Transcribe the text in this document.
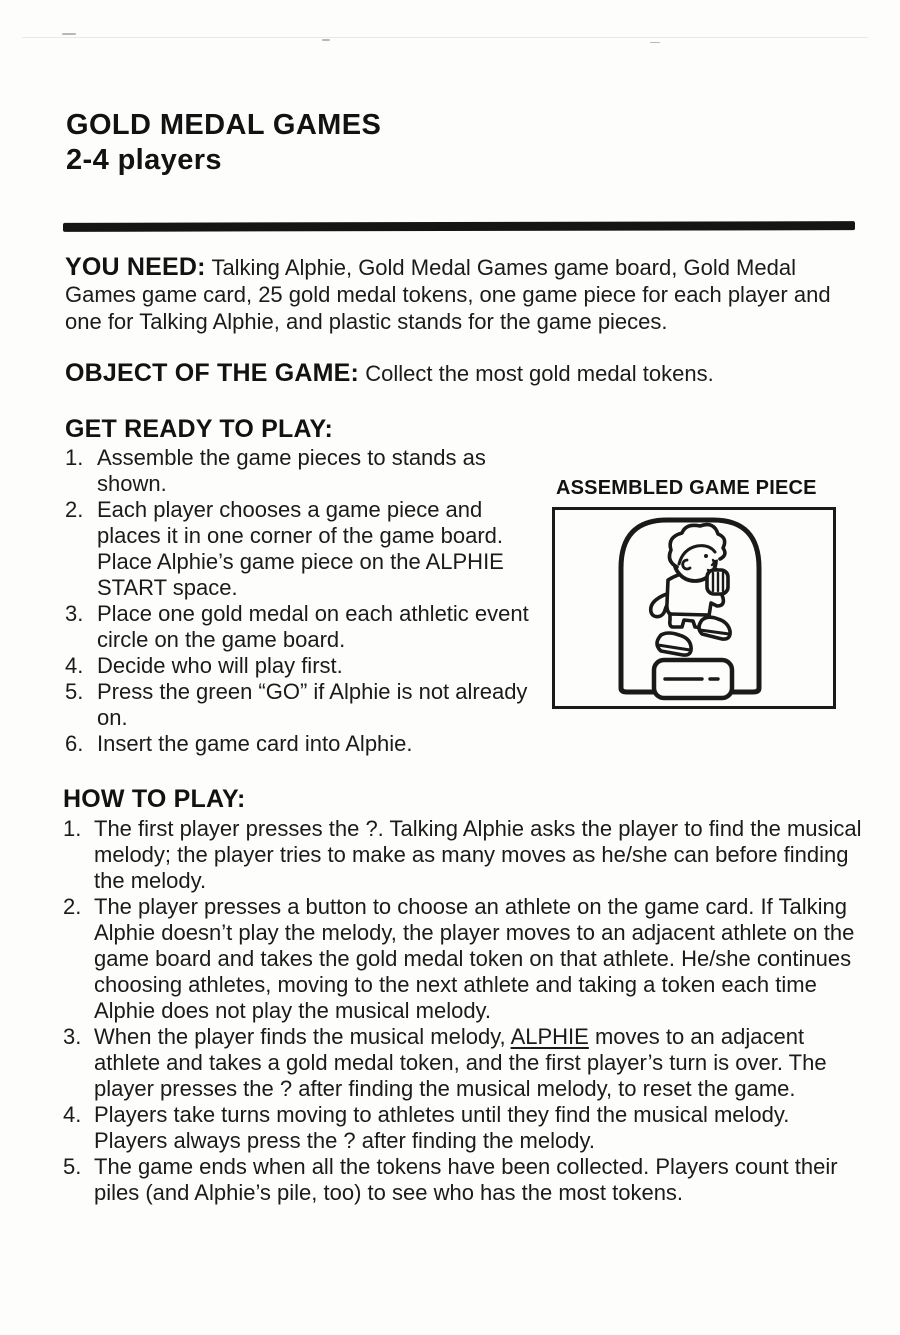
GOLD MEDAL GAMES
2-4 players
YOU NEED: Talking Alphie, Gold Medal Games game board, Gold Medal Games game card, 25 gold medal tokens, one game piece for each player and one for Talking Alphie, and plastic stands for the game pieces.
OBJECT OF THE GAME: Collect the most gold medal tokens.
GET READY TO PLAY:
1. Assemble the game pieces to stands as shown.
2. Each player chooses a game piece and places it in one corner of the game board. Place Alphie’s game piece on the ALPHIE START space.
3. Place one gold medal on each athletic event circle on the game board.
4. Decide who will play first.
5. Press the green “GO” if Alphie is not already on.
6. Insert the game card into Alphie.
ASSEMBLED GAME PIECE
HOW TO PLAY:
1. The first player presses the ?. Talking Alphie asks the player to find the musical melody; the player tries to make as many moves as he/she can before finding the melody.
2. The player presses a button to choose an athlete on the game card. If Talking Alphie doesn’t play the melody, the player moves to an adjacent athlete on the game board and takes the gold medal token on that athlete. He/she continues choosing athletes, moving to the next athlete and taking a token each time Alphie does not play the musical melody.
3. When the player finds the musical melody, ALPHIE moves to an adjacent athlete and takes a gold medal token, and the first player’s turn is over. The player presses the ? after finding the musical melody, to reset the game.
4. Players take turns moving to athletes until they find the musical melody. Players always press the ? after finding the melody.
5. The game ends when all the tokens have been collected. Players count their piles (and Alphie’s pile, too) to see who has the most tokens.
